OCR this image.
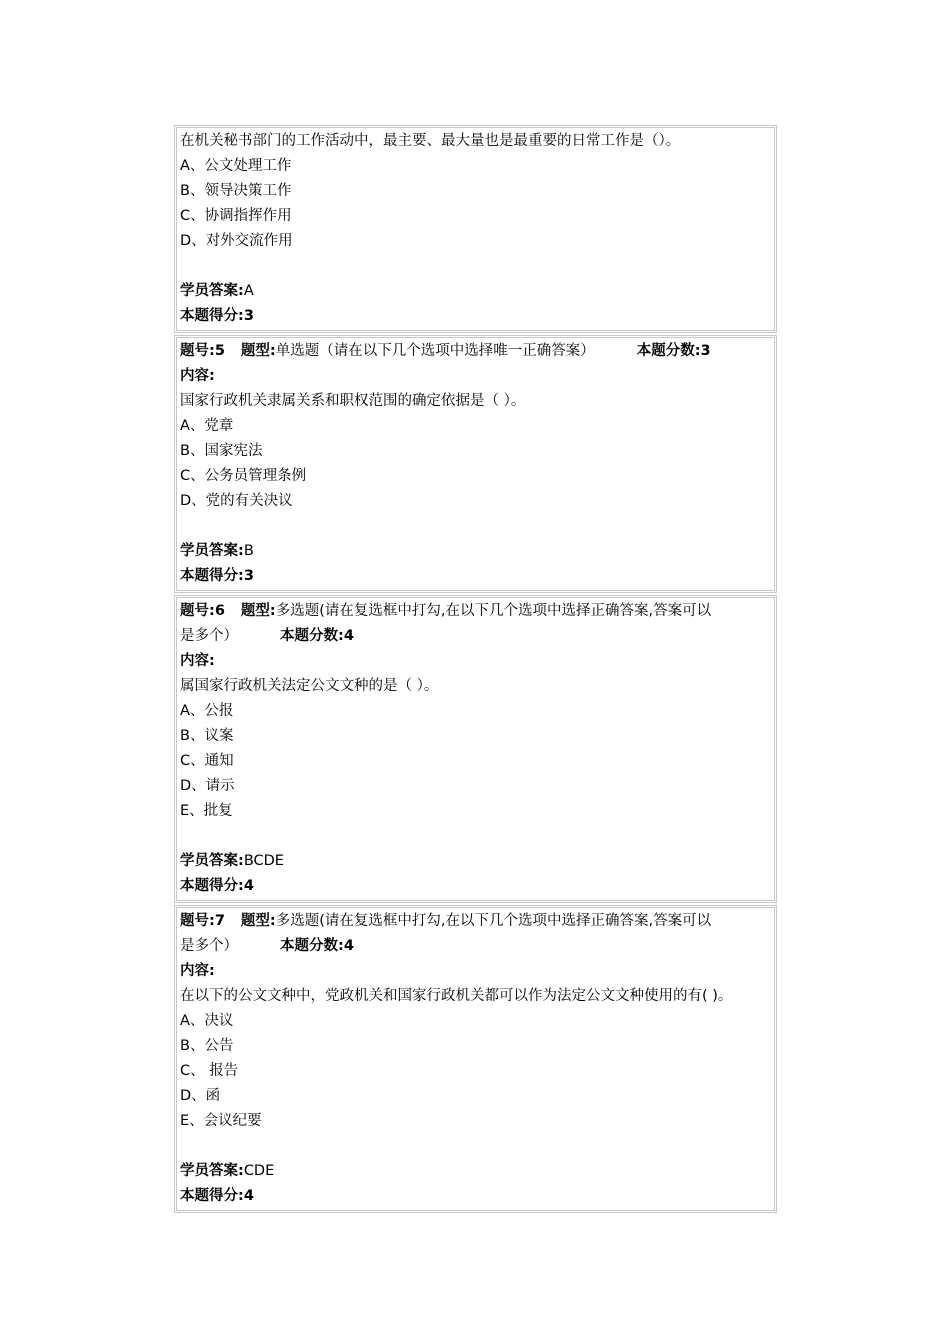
在机关秘书部门的工作活动中，最主要、最大量也是最重要的日常工作是（）。
A、公文处理工作
B、领导决策工作
C、协调指挥作用
D、对外交流作用
学员答案:A
本题得分:3
题号:5 题型:单选题（请在以下几个选项中选择唯一正确答案）	本题分数:3
内容:
国家行政机关隶属关系和职权范围的确定依据是（ ）。
A、党章
B、国家宪法
C、公务员管理条例
D、党的有关决议
学员答案:B
本题得分:3
题号:6 题型:多选题(请在复选框中打勾,在以下几个选项中选择正确答案,答案可以
是多个）	本题分数:4
内容:
属国家行政机关法定公文文种的是（ ）。
A、公报
B、议案
C、通知
D、请示
E、批复
学员答案:BCDE
本题得分:4
题号:7 题型:多选题(请在复选框中打勾,在以下几个选项中选择正确答案,答案可以
是多个）	本题分数:4
内容:
在以下的公文文种中，党政机关和国家行政机关都可以作为法定公文文种使用的有( )。
A、决议
B、公告
C、 报告
D、函
E、会议纪要
学员答案:CDE
本题得分:4
